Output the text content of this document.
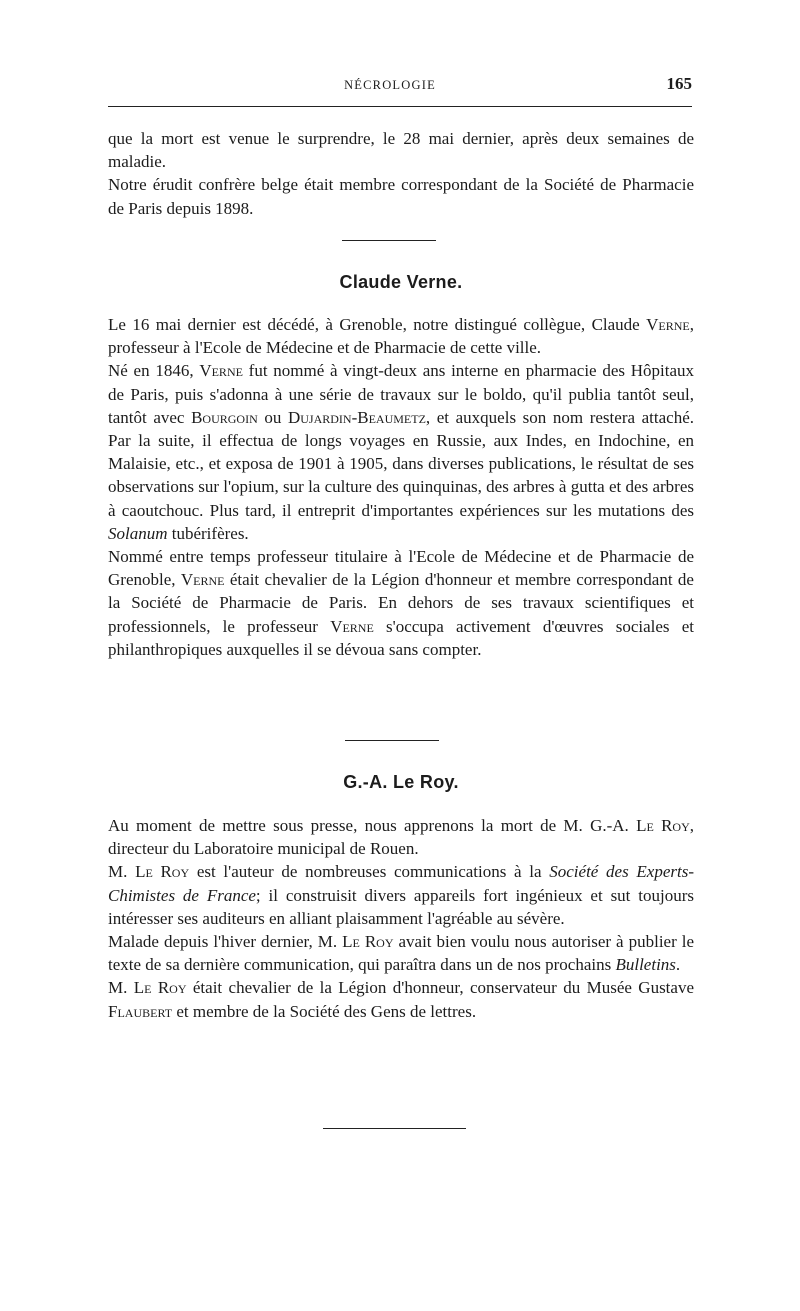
NÉCROLOGIE	165

que la mort est venue le surprendre, le 28 mai dernier, après deux semaines de maladie.

Notre érudit confrère belge était membre correspondant de la Société de Pharmacie de Paris depuis 1898.

Claude Verne.

Le 16 mai dernier est décédé, à Grenoble, notre distingué collègue, Claude Verne, professeur à l'Ecole de Médecine et de Pharmacie de cette ville.

Né en 1846, Verne fut nommé à vingt-deux ans interne en pharmacie des Hôpitaux de Paris, puis s'adonna à une série de travaux sur le boldo, qu'il publia tantôt seul, tantôt avec Bourgoin ou Dujardin-Beaumetz, et auxquels son nom restera attaché. Par la suite, il effectua de longs voyages en Russie, aux Indes, en Indochine, en Malaisie, etc., et exposa de 1901 à 1905, dans diverses publications, le résultat de ses observations sur l'opium, sur la culture des quinquinas, des arbres à gutta et des arbres à caoutchouc. Plus tard, il entreprit d'importantes expériences sur les mutations des Solanum tubérifères.

Nommé entre temps professeur titulaire à l'Ecole de Médecine et de Pharmacie de Grenoble, Verne était chevalier de la Légion d'honneur et membre correspondant de la Société de Pharmacie de Paris. En dehors de ses travaux scientifiques et professionnels, le professeur Verne s'occupa activement d'œuvres sociales et philanthropiques auxquelles il se dévoua sans compter.

G.-A. Le Roy.

Au moment de mettre sous presse, nous apprenons la mort de M. G.-A. Le Roy, directeur du Laboratoire municipal de Rouen.

M. Le Roy est l'auteur de nombreuses communications à la Société des Experts-Chimistes de France; il construisit divers appareils fort ingénieux et sut toujours intéresser ses auditeurs en alliant plaisamment l'agréable au sévère.

Malade depuis l'hiver dernier, M. Le Roy avait bien voulu nous autoriser à publier le texte de sa dernière communication, qui paraîtra dans un de nos prochains Bulletins.

M. Le Roy était chevalier de la Légion d'honneur, conservateur du Musée Gustave Flaubert et membre de la Société des Gens de lettres.
